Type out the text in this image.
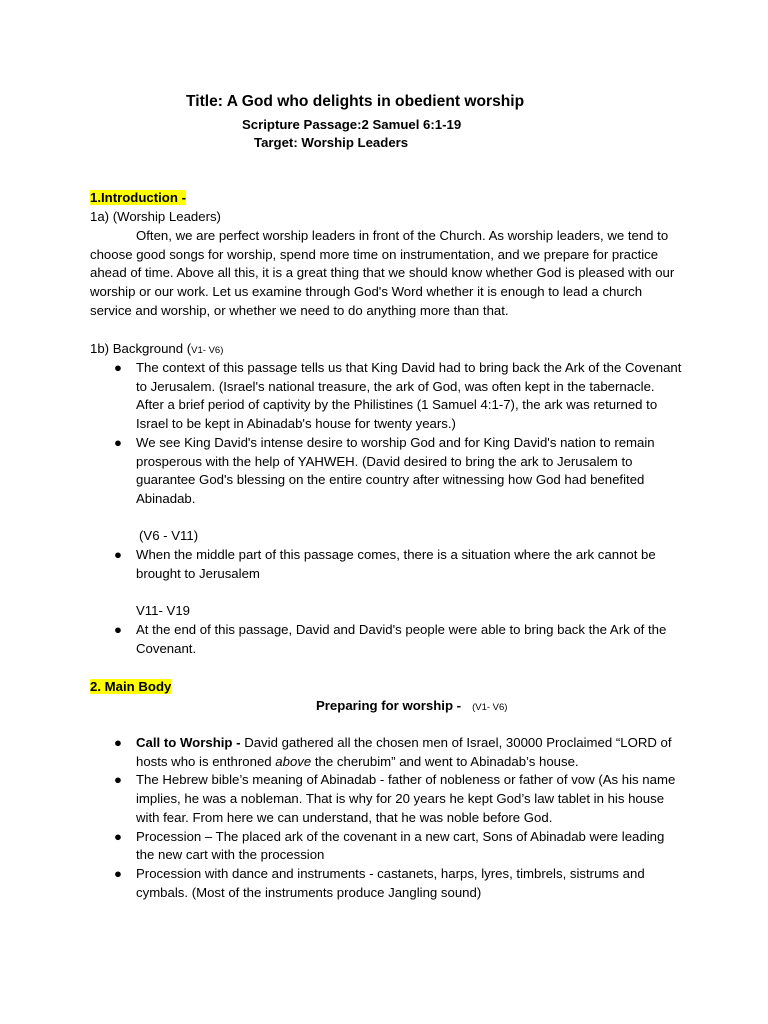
Title: A God who delights in obedient worship
Scripture Passage:2 Samuel 6:1-19
Target: Worship Leaders
1.Introduction -
1a) (Worship Leaders)
Often, we are perfect worship leaders in front of the Church. As worship leaders, we tend to choose good songs for worship, spend more time on instrumentation, and we prepare for practice ahead of time. Above all this, it is a great thing that we should know whether God is pleased with our worship or our work. Let us examine through God's Word whether it is enough to lead a church service and worship, or whether we need to do anything more than that.
1b) Background (V1- V6)
● The context of this passage tells us that King David had to bring back the Ark of the Covenant to Jerusalem. (Israel's national treasure, the ark of God, was often kept in the tabernacle. After a brief period of captivity by the Philistines (1 Samuel 4:1-7), the ark was returned to Israel to be kept in Abinadab's house for twenty years.)
● We see King David's intense desire to worship God and for King David's nation to remain prosperous with the help of YAHWEH. (David desired to bring the ark to Jerusalem to guarantee God's blessing on the entire country after witnessing how God had benefited Abinadab.
(V6 - V11)
● When the middle part of this passage comes, there is a situation where the ark cannot be brought to Jerusalem
V11- V19
● At the end of this passage, David and David's people were able to bring back the Ark of the Covenant.
2. Main Body
Preparing for worship - (V1- V6)
● Call to Worship - David gathered all the chosen men of Israel, 30000 Proclaimed “LORD of hosts who is enthroned above the cherubim” and went to Abinadab’s house.
● The Hebrew bible’s meaning of Abinadab - father of nobleness or father of vow (As his name implies, he was a nobleman. That is why for 20 years he kept God’s law tablet in his house with fear. From here we can understand, that he was noble before God.
● Procession – The placed ark of the covenant in a new cart, Sons of Abinadab were leading the new cart with the procession
● Procession with dance and instruments - castanets, harps, lyres, timbrels, sistrums and cymbals. (Most of the instruments produce Jangling sound)
